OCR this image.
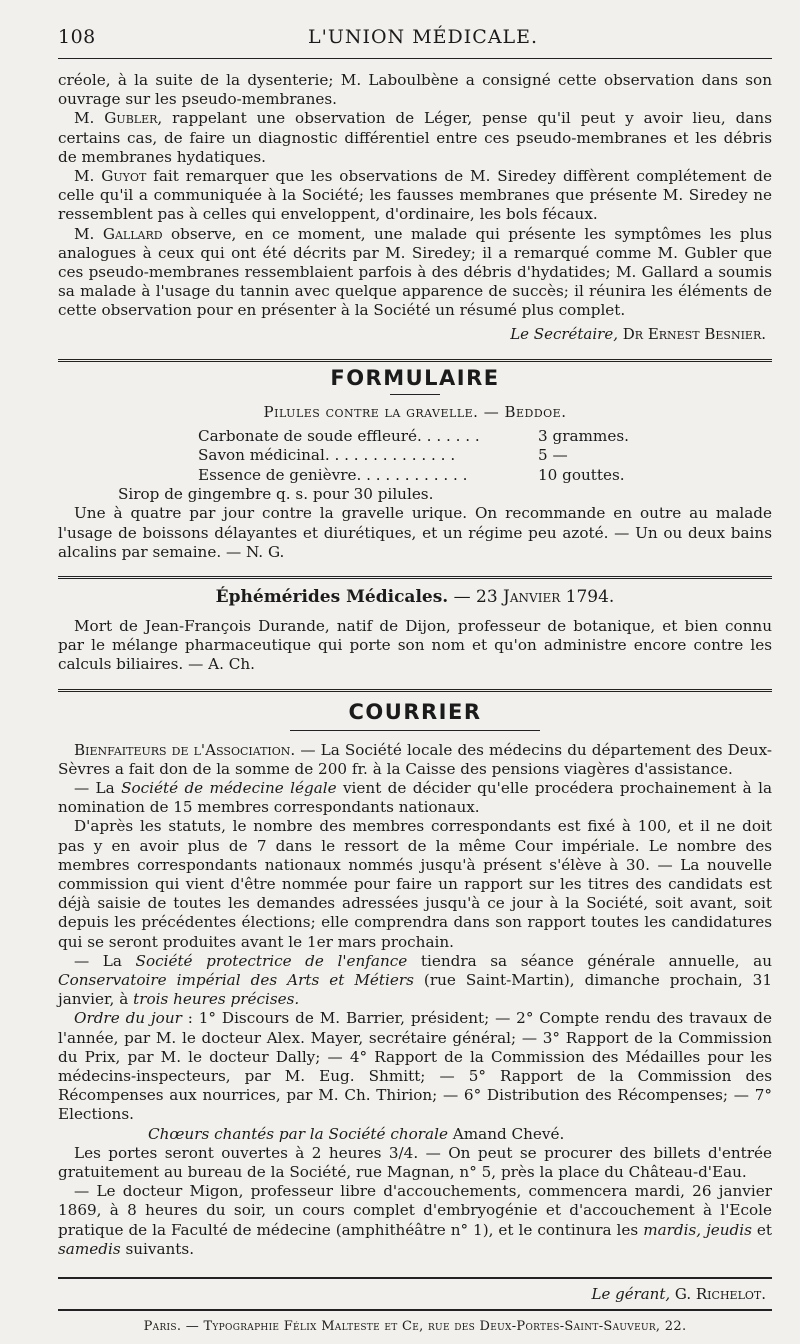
108	L'UNION MÉDICALE.

créole, à la suite de la dysenterie; M. Laboulbène a consigné cette observation dans son ouvrage sur les pseudo-membranes.

M. Gubler, rappelant une observation de Léger, pense qu'il peut y avoir lieu, dans certains cas, de faire un diagnostic différentiel entre ces pseudo-membranes et les débris de membranes hydatiques.

M. Guyot fait remarquer que les observations de M. Siredey diffèrent complétement de celle qu'il a communiquée à la Société; les fausses membranes que présente M. Siredey ne ressemblent pas à celles qui enveloppent, d'ordinaire, les bols fécaux.

M. Gallard observe, en ce moment, une malade qui présente les symptômes les plus analogues à ceux qui ont été décrits par M. Siredey; il a remarqué comme M. Gubler que ces pseudo-membranes ressemblaient parfois à des débris d'hydatides; M. Gallard a soumis sa malade à l'usage du tannin avec quelque apparence de succès; il réunira les éléments de cette observation pour en présenter à la Société un résumé plus complet.

Le Secrétaire, Dr Ernest Besnier.

FORMULAIRE
Pilules contre la gravelle. — Beddoe.
Carbonate de soude effleuré. . . . . . .	3 grammes.
Savon médicinal. . . . . . . . . . . . . .	5 —
Essence de genièvre. . . . . . . . . . . .	10 gouttes.

Sirop de gingembre q. s. pour 30 pilules.

Une à quatre par jour contre la gravelle urique. On recommande en outre au malade l'usage de boissons délayantes et diurétiques, et un régime peu azoté. — Un ou deux bains alcalins par semaine. — N. G.

Éphémérides Médicales. — 23 Janvier 1794.

Mort de Jean-François Durande, natif de Dijon, professeur de botanique, et bien connu par le mélange pharmaceutique qui porte son nom et qu'on administre encore contre les calculs biliaires. — A. Ch.

COURRIER

Bienfaiteurs de l'Association. — La Société locale des médecins du département des Deux-Sèvres a fait don de la somme de 200 fr. à la Caisse des pensions viagères d'assistance.

— La Société de médecine légale vient de décider qu'elle procédera prochainement à la nomination de 15 membres correspondants nationaux.

D'après les statuts, le nombre des membres correspondants est fixé à 100, et il ne doit pas y en avoir plus de 7 dans le ressort de la même Cour impériale. Le nombre des membres correspondants nationaux nommés jusqu'à présent s'élève à 30. — La nouvelle commission qui vient d'être nommée pour faire un rapport sur les titres des candidats est déjà saisie de toutes les demandes adressées jusqu'à ce jour à la Société, soit avant, soit depuis les précédentes élections; elle comprendra dans son rapport toutes les candidatures qui se seront produites avant le 1er mars prochain.

— La Société protectrice de l'enfance tiendra sa séance générale annuelle, au Conservatoire impérial des Arts et Métiers (rue Saint-Martin), dimanche prochain, 31 janvier, à trois heures précises.

Ordre du jour : 1° Discours de M. Barrier, président; — 2° Compte rendu des travaux de l'année, par M. le docteur Alex. Mayer, secrétaire général; — 3° Rapport de la Commission du Prix, par M. le docteur Dally; — 4° Rapport de la Commission des Médailles pour les médecins-inspecteurs, par M. Eug. Shmitt; — 5° Rapport de la Commission des Récompenses aux nourrices, par M. Ch. Thirion; — 6° Distribution des Récompenses; — 7° Elections.

Chœurs chantés par la Société chorale Amand Chevé.

Les portes seront ouvertes à 2 heures 3/4. — On peut se procurer des billets d'entrée gratuitement au bureau de la Société, rue Magnan, n° 5, près la place du Château-d'Eau.

— Le docteur Migon, professeur libre d'accouchements, commencera mardi, 26 janvier 1869, à 8 heures du soir, un cours complet d'embryogénie et d'accouchement à l'Ecole pratique de la Faculté de médecine (amphithéâtre n° 1), et le continura les mardis, jeudis et samedis suivants.

Le gérant, G. Richelot.

Paris. — Typographie Félix Malteste et Ce, rue des Deux-Portes-Saint-Sauveur, 22.
